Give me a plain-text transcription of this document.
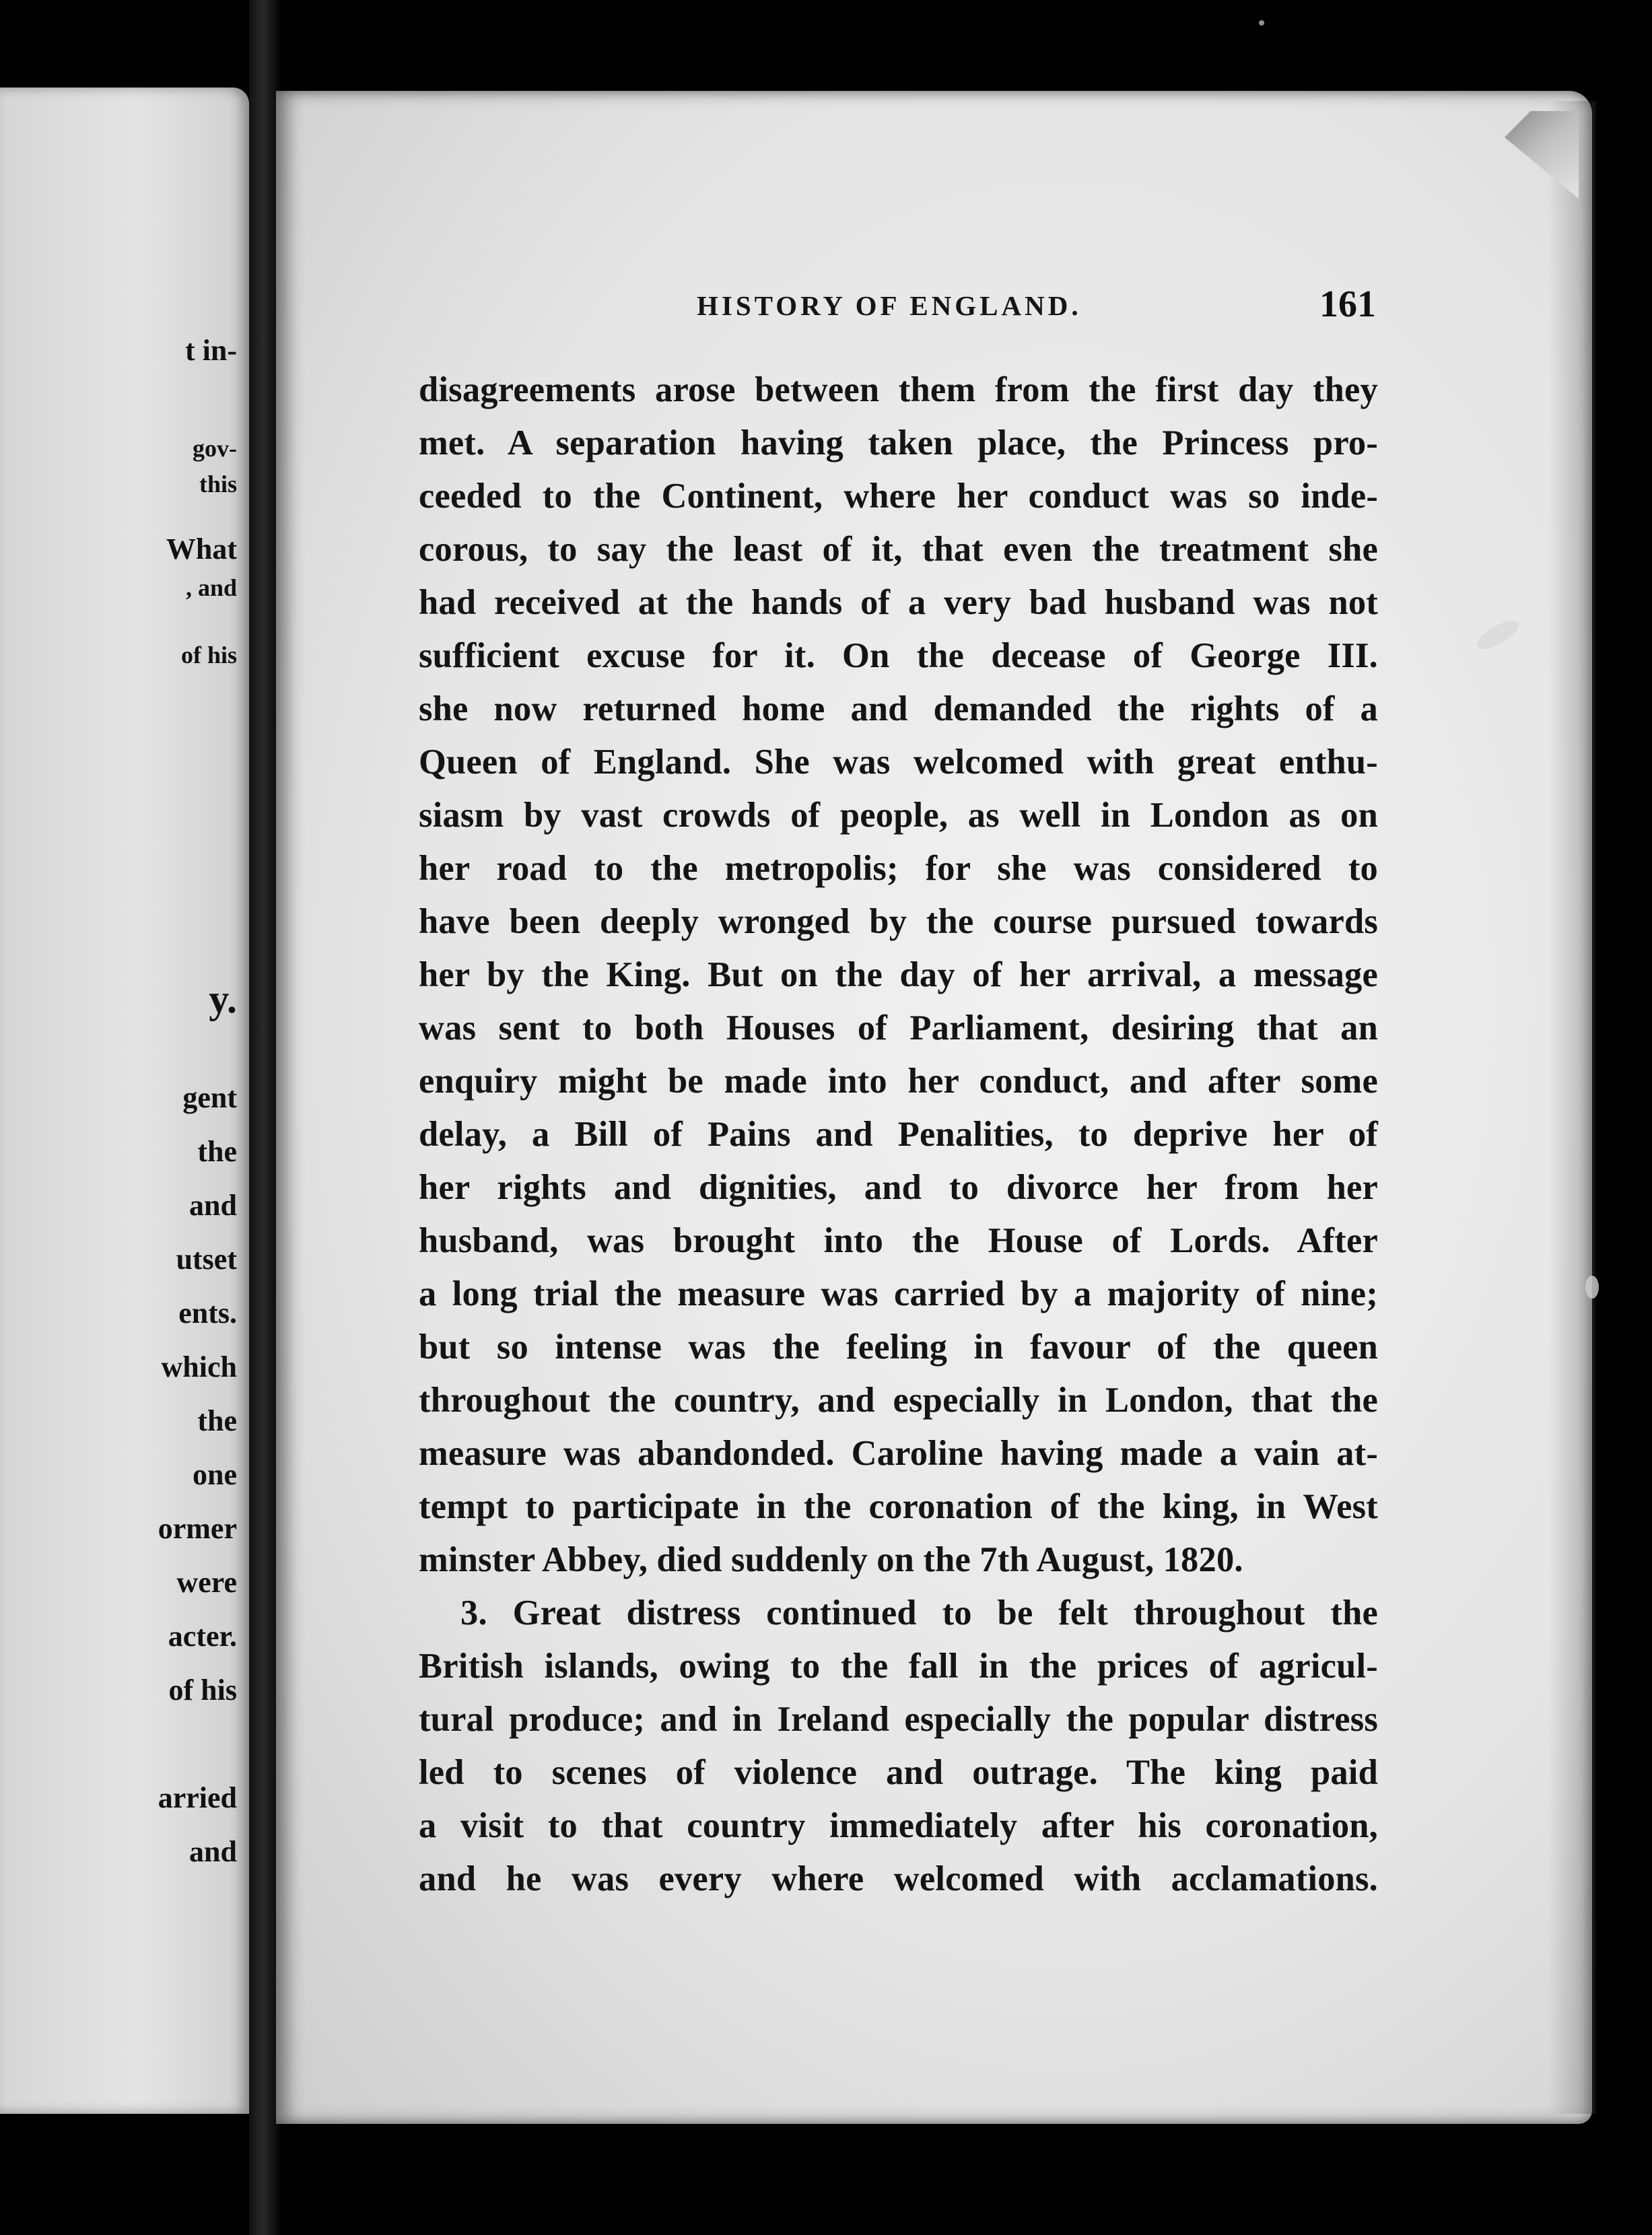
t in-

gov-

this

What

, and

of his

y.

gent

the

and

utset

ents.

which

the

one

ormer

were

acter.

of his

arried

and

HISTORY OF ENGLAND.	161

disagreements arose between them from the first day they
met. A separation having taken place, the Princess pro-
ceeded to the Continent, where her conduct was so inde-
corous, to say the least of it, that even the treatment she
had received at the hands of a very bad husband was not
sufficient excuse for it. On the decease of George III.
she now returned home and demanded the rights of a
Queen of England. She was welcomed with great enthu-
siasm by vast crowds of people, as well in London as on
her road to the metropolis; for she was considered to
have been deeply wronged by the course pursued towards
her by the King. But on the day of her arrival, a message
was sent to both Houses of Parliament, desiring that an
enquiry might be made into her conduct, and after some
delay, a Bill of Pains and Penalities, to deprive her of
her rights and dignities, and to divorce her from her
husband, was brought into the House of Lords. After
a long trial the measure was carried by a majority of nine;
but so intense was the feeling in favour of the queen
throughout the country, and especially in London, that the
measure was abandonded. Caroline having made a vain at-
tempt to participate in the coronation of the king, in West
minster Abbey, died suddenly on the 7th August, 1820.
3. Great distress continued to be felt throughout the
British islands, owing to the fall in the prices of agricul-
tural produce; and in Ireland especially the popular distress
led to scenes of violence and outrage. The king paid
a visit to that country immediately after his coronation,
and he was every where welcomed with acclamations.
